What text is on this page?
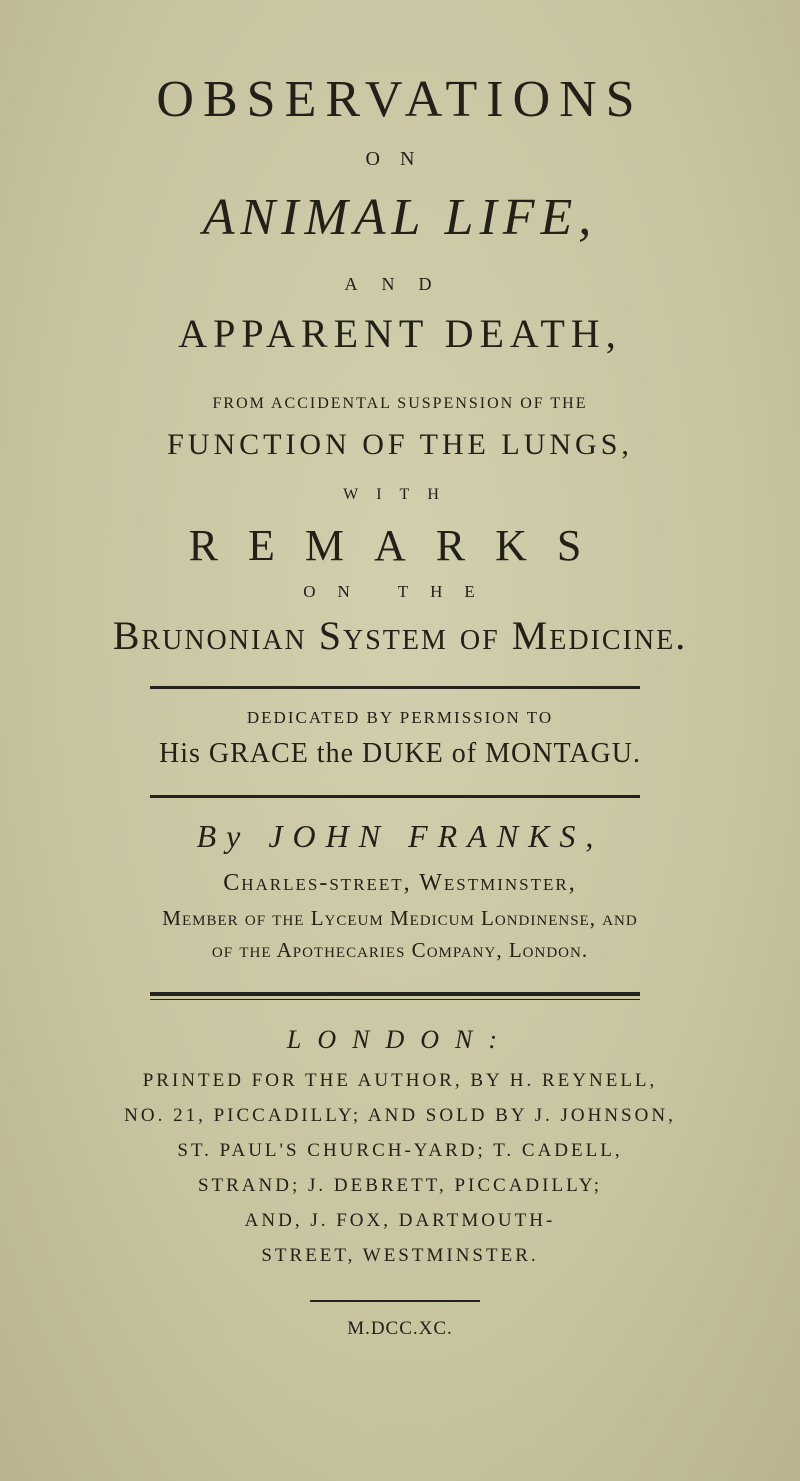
OBSERVATIONS
ON
ANIMAL LIFE,
AND
APPARENT DEATH,
FROM ACCIDENTAL SUSPENSION OF THE
FUNCTION OF THE LUNGS,
WITH
REMARKS
ON THE
Brunonian System of Medicine.
DEDICATED BY PERMISSION TO
His GRACE the DUKE of MONTAGU.
By JOHN FRANKS,
Charles-street, Westminster,
Member of the Lyceum Medicum Londinense, and
of the Apothecaries Company, London.
LONDON:
PRINTED FOR THE AUTHOR, BY H. REYNELL,
NO. 21, PICCADILLY; AND SOLD BY J. JOHNSON,
ST. PAUL'S CHURCH-YARD; T. CADELL,
STRAND; J. DEBRETT, PICCADILLY;
AND, J. FOX, DARTMOUTH-
STREET, WESTMINSTER.
M.DCC.XC.
